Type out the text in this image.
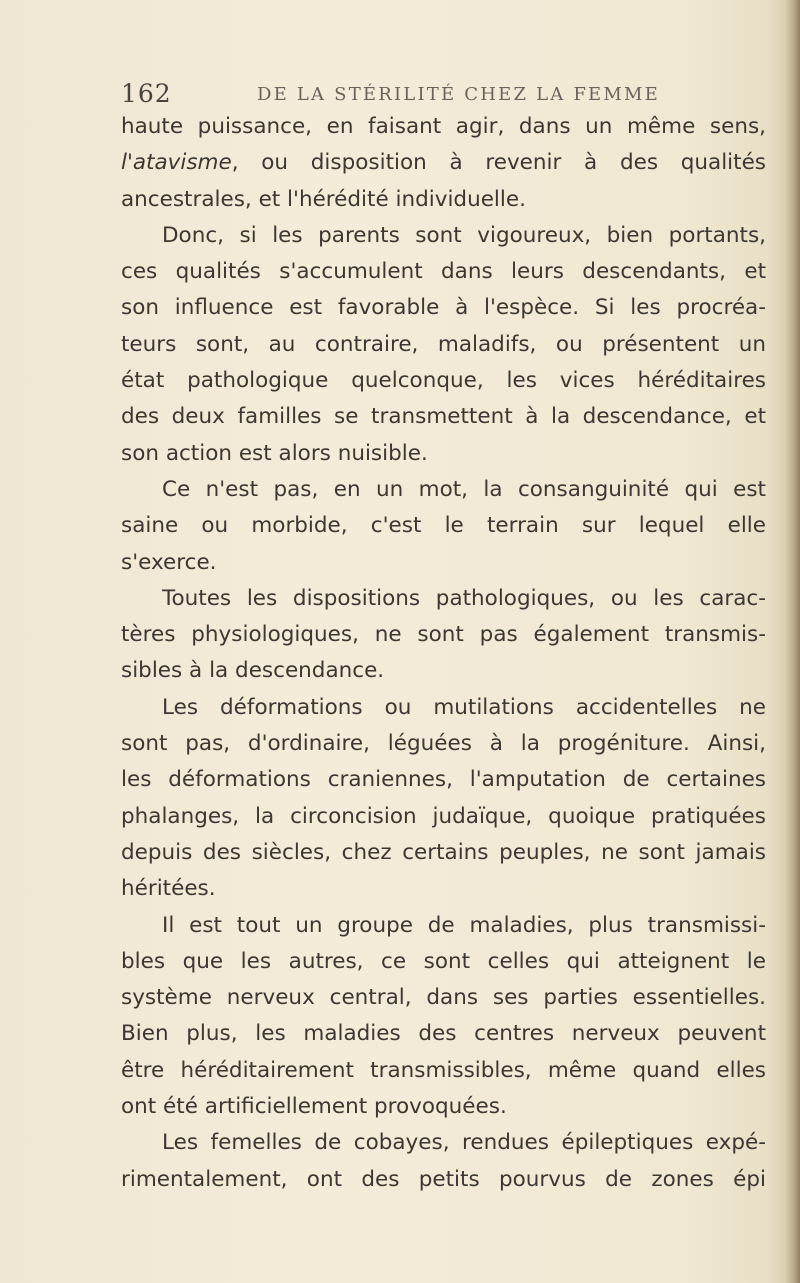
162	DE LA STÉRILITÉ CHEZ LA FEMME
haute puissance, en faisant agir, dans un même sens,
l'atavisme, ou disposition à revenir à des qualités
ancestrales, et l'hérédité individuelle.
Donc, si les parents sont vigoureux, bien portants,
ces qualités s'accumulent dans leurs descendants, et
son influence est favorable à l'espèce. Si les procréa-
teurs sont, au contraire, maladifs, ou présentent un
état pathologique quelconque, les vices héréditaires
des deux familles se transmettent à la descendance, et
son action est alors nuisible.
Ce n'est pas, en un mot, la consanguinité qui est
saine ou morbide, c'est le terrain sur lequel elle
s'exerce.
Toutes les dispositions pathologiques, ou les carac-
tères physiologiques, ne sont pas également transmis-
sibles à la descendance.
Les déformations ou mutilations accidentelles ne
sont pas, d'ordinaire, léguées à la progéniture. Ainsi,
les déformations craniennes, l'amputation de certaines
phalanges, la circoncision judaïque, quoique pratiquées
depuis des siècles, chez certains peuples, ne sont jamais
héritées.
Il est tout un groupe de maladies, plus transmissi-
bles que les autres, ce sont celles qui atteignent le
système nerveux central, dans ses parties essentielles.
Bien plus, les maladies des centres nerveux peuvent
être héréditairement transmissibles, même quand elles
ont été artificiellement provoquées.
Les femelles de cobayes, rendues épileptiques expé-
rimentalement, ont des petits pourvus de zones épi
